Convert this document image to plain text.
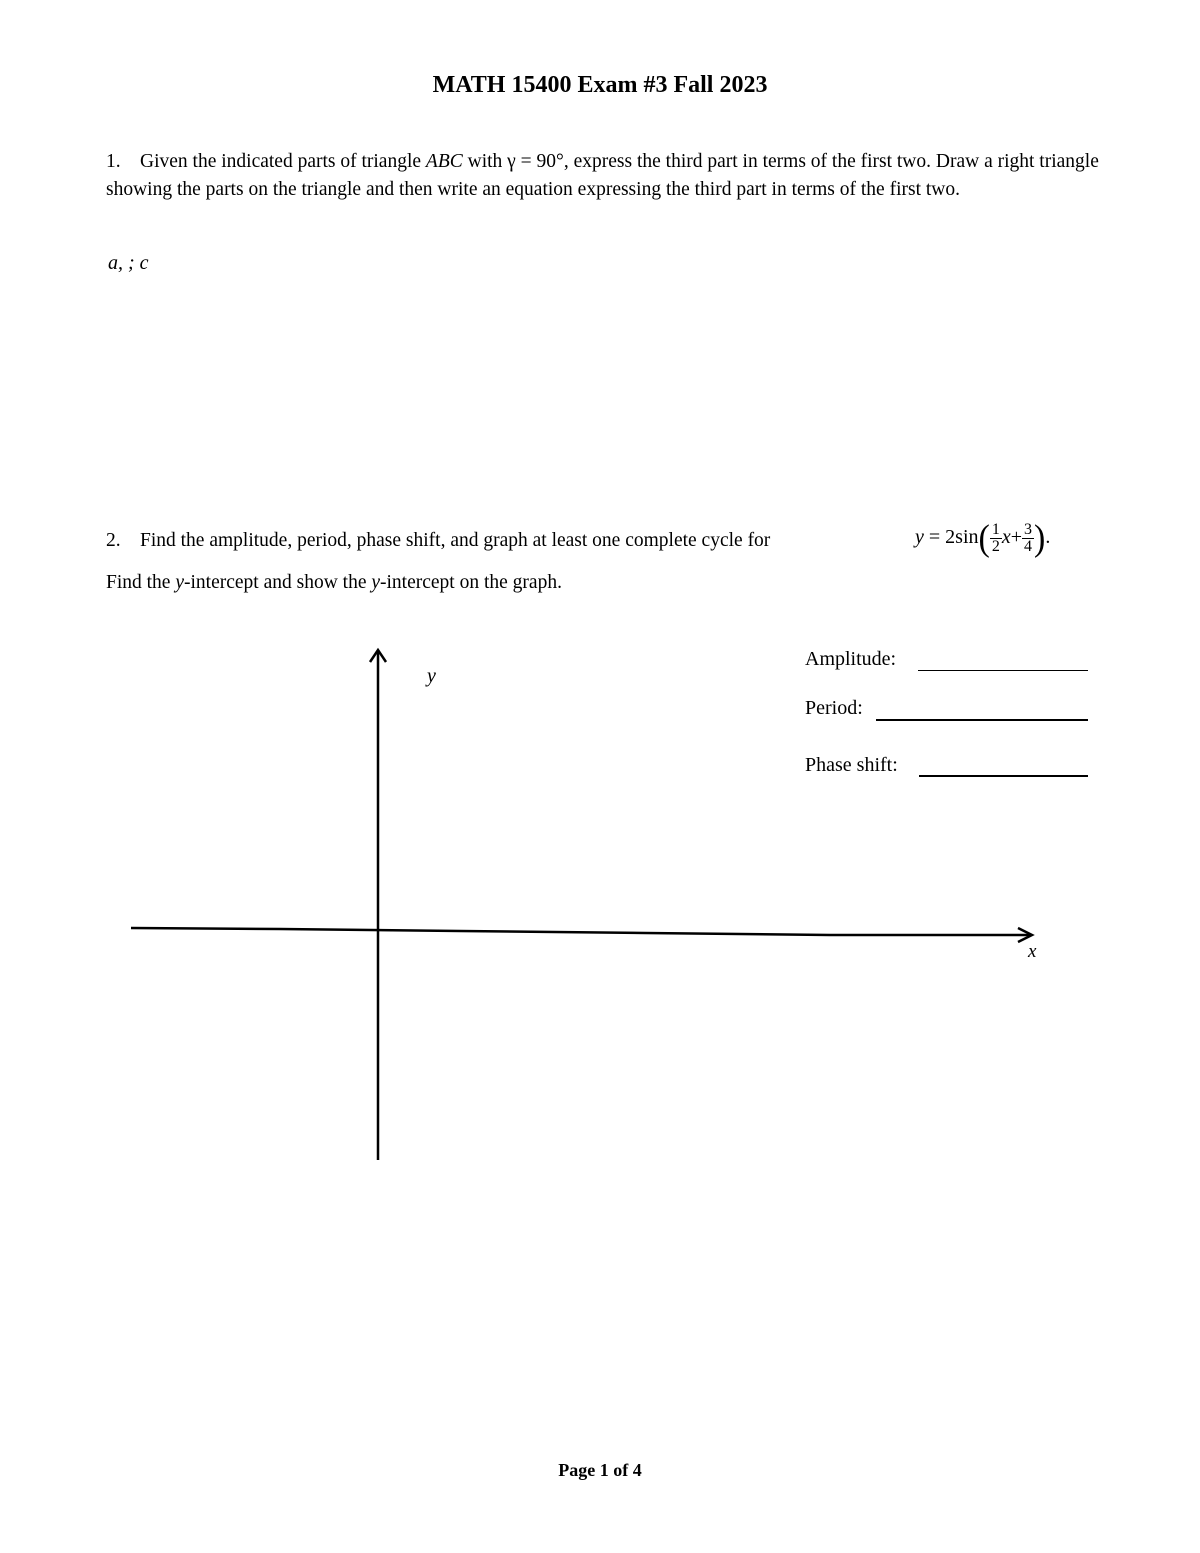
MATH 15400 Exam #3 Fall 2023
1. Given the indicated parts of triangle ABC with γ = 90°, express the third part in terms of the first two. Draw a right triangle showing the parts on the triangle and then write an equation expressing the third part in terms of the first two.
a, ; c
2. Find the amplitude, period, phase shift, and graph at least one complete cycle for	$y = 2\sin( \frac{1}{2} x+ \frac{3}{4}$ ).
Find the y-intercept and show the y-intercept on the graph.
Amplitude:
Period:
Phase shift:
y
x
Page 1 of 4
